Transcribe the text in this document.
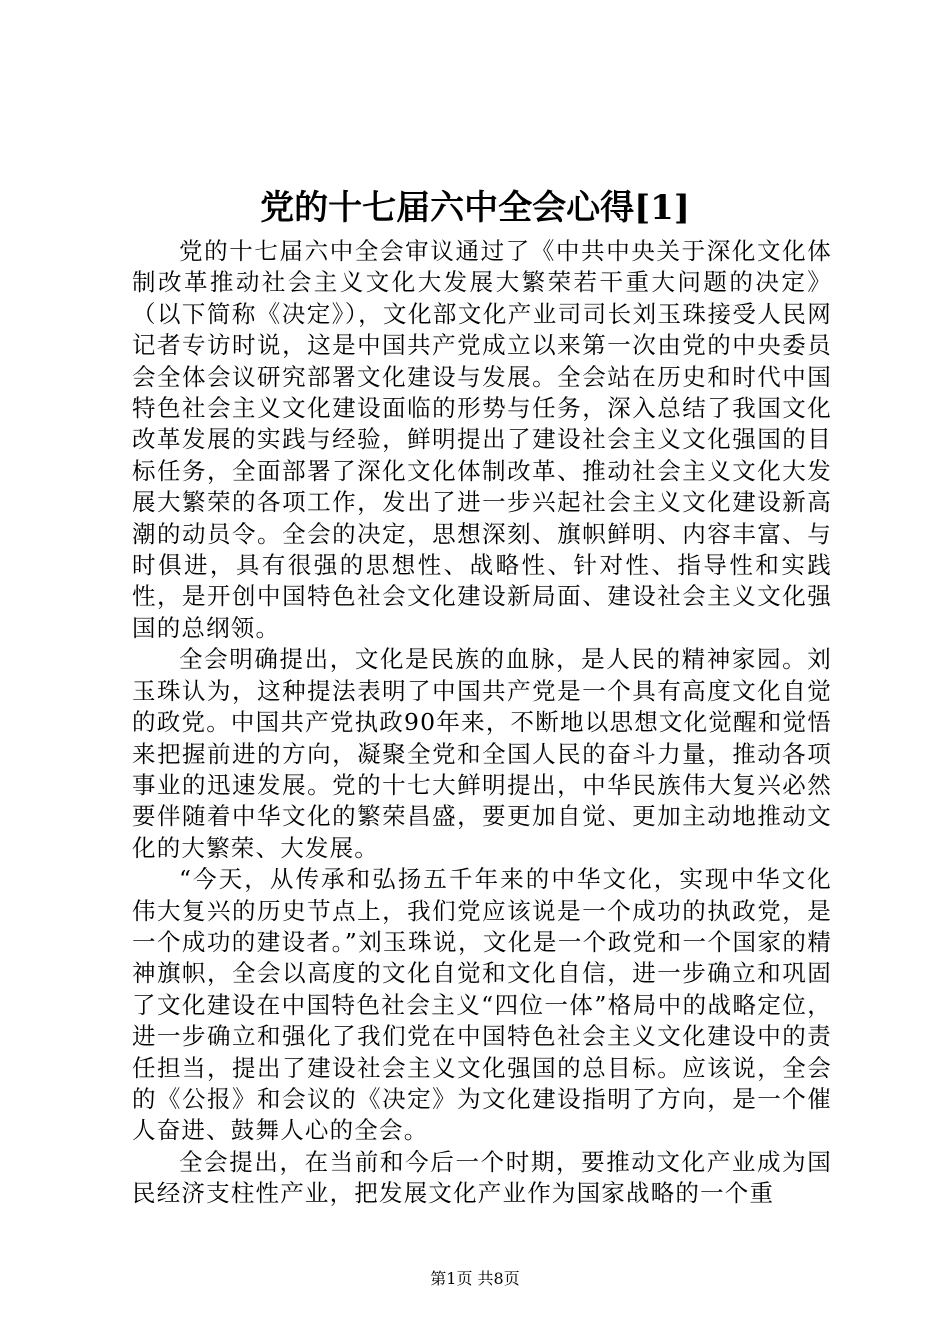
党的十七届六中全会心得[1]

党的十七届六中全会审议通过了《中共中央关于深化文化体制改革推动社会主义文化大发展大繁荣若干重大问题的决定》（以下简称《决定》），文化部文化产业司司长刘玉珠接受人民网记者专访时说，这是中国共产党成立以来第一次由党的中央委员会全体会议研究部署文化建设与发展。全会站在历史和时代中国特色社会主义文化建设面临的形势与任务，深入总结了我国文化改革发展的实践与经验，鲜明提出了建设社会主义文化强国的目标任务，全面部署了深化文化体制改革、推动社会主义文化大发展大繁荣的各项工作，发出了进一步兴起社会主义文化建设新高潮的动员令。全会的决定，思想深刻、旗帜鲜明、内容丰富、与时俱进，具有很强的思想性、战略性、针对性、指导性和实践性，是开创中国特色社会文化建设新局面、建设社会主义文化强国的总纲领。

全会明确提出，文化是民族的血脉，是人民的精神家园。刘玉珠认为，这种提法表明了中国共产党是一个具有高度文化自觉的政党。中国共产党执政90年来，不断地以思想文化觉醒和觉悟来把握前进的方向，凝聚全党和全国人民的奋斗力量，推动各项事业的迅速发展。党的十七大鲜明提出，中华民族伟大复兴必然要伴随着中华文化的繁荣昌盛，要更加自觉、更加主动地推动文化的大繁荣、大发展。

“今天，从传承和弘扬五千年来的中华文化，实现中华文化伟大复兴的历史节点上，我们党应该说是一个成功的执政党，是一个成功的建设者。”刘玉珠说，文化是一个政党和一个国家的精神旗帜，全会以高度的文化自觉和文化自信，进一步确立和巩固了文化建设在中国特色社会主义“四位一体”格局中的战略定位，进一步确立和强化了我们党在中国特色社会主义文化建设中的责任担当，提出了建设社会主义文化强国的总目标。应该说，全会的《公报》和会议的《决定》为文化建设指明了方向，是一个催人奋进、鼓舞人心的全会。

全会提出，在当前和今后一个时期，要推动文化产业成为国民经济支柱性产业，把发展文化产业作为国家战略的一个重

第1页 共8页
